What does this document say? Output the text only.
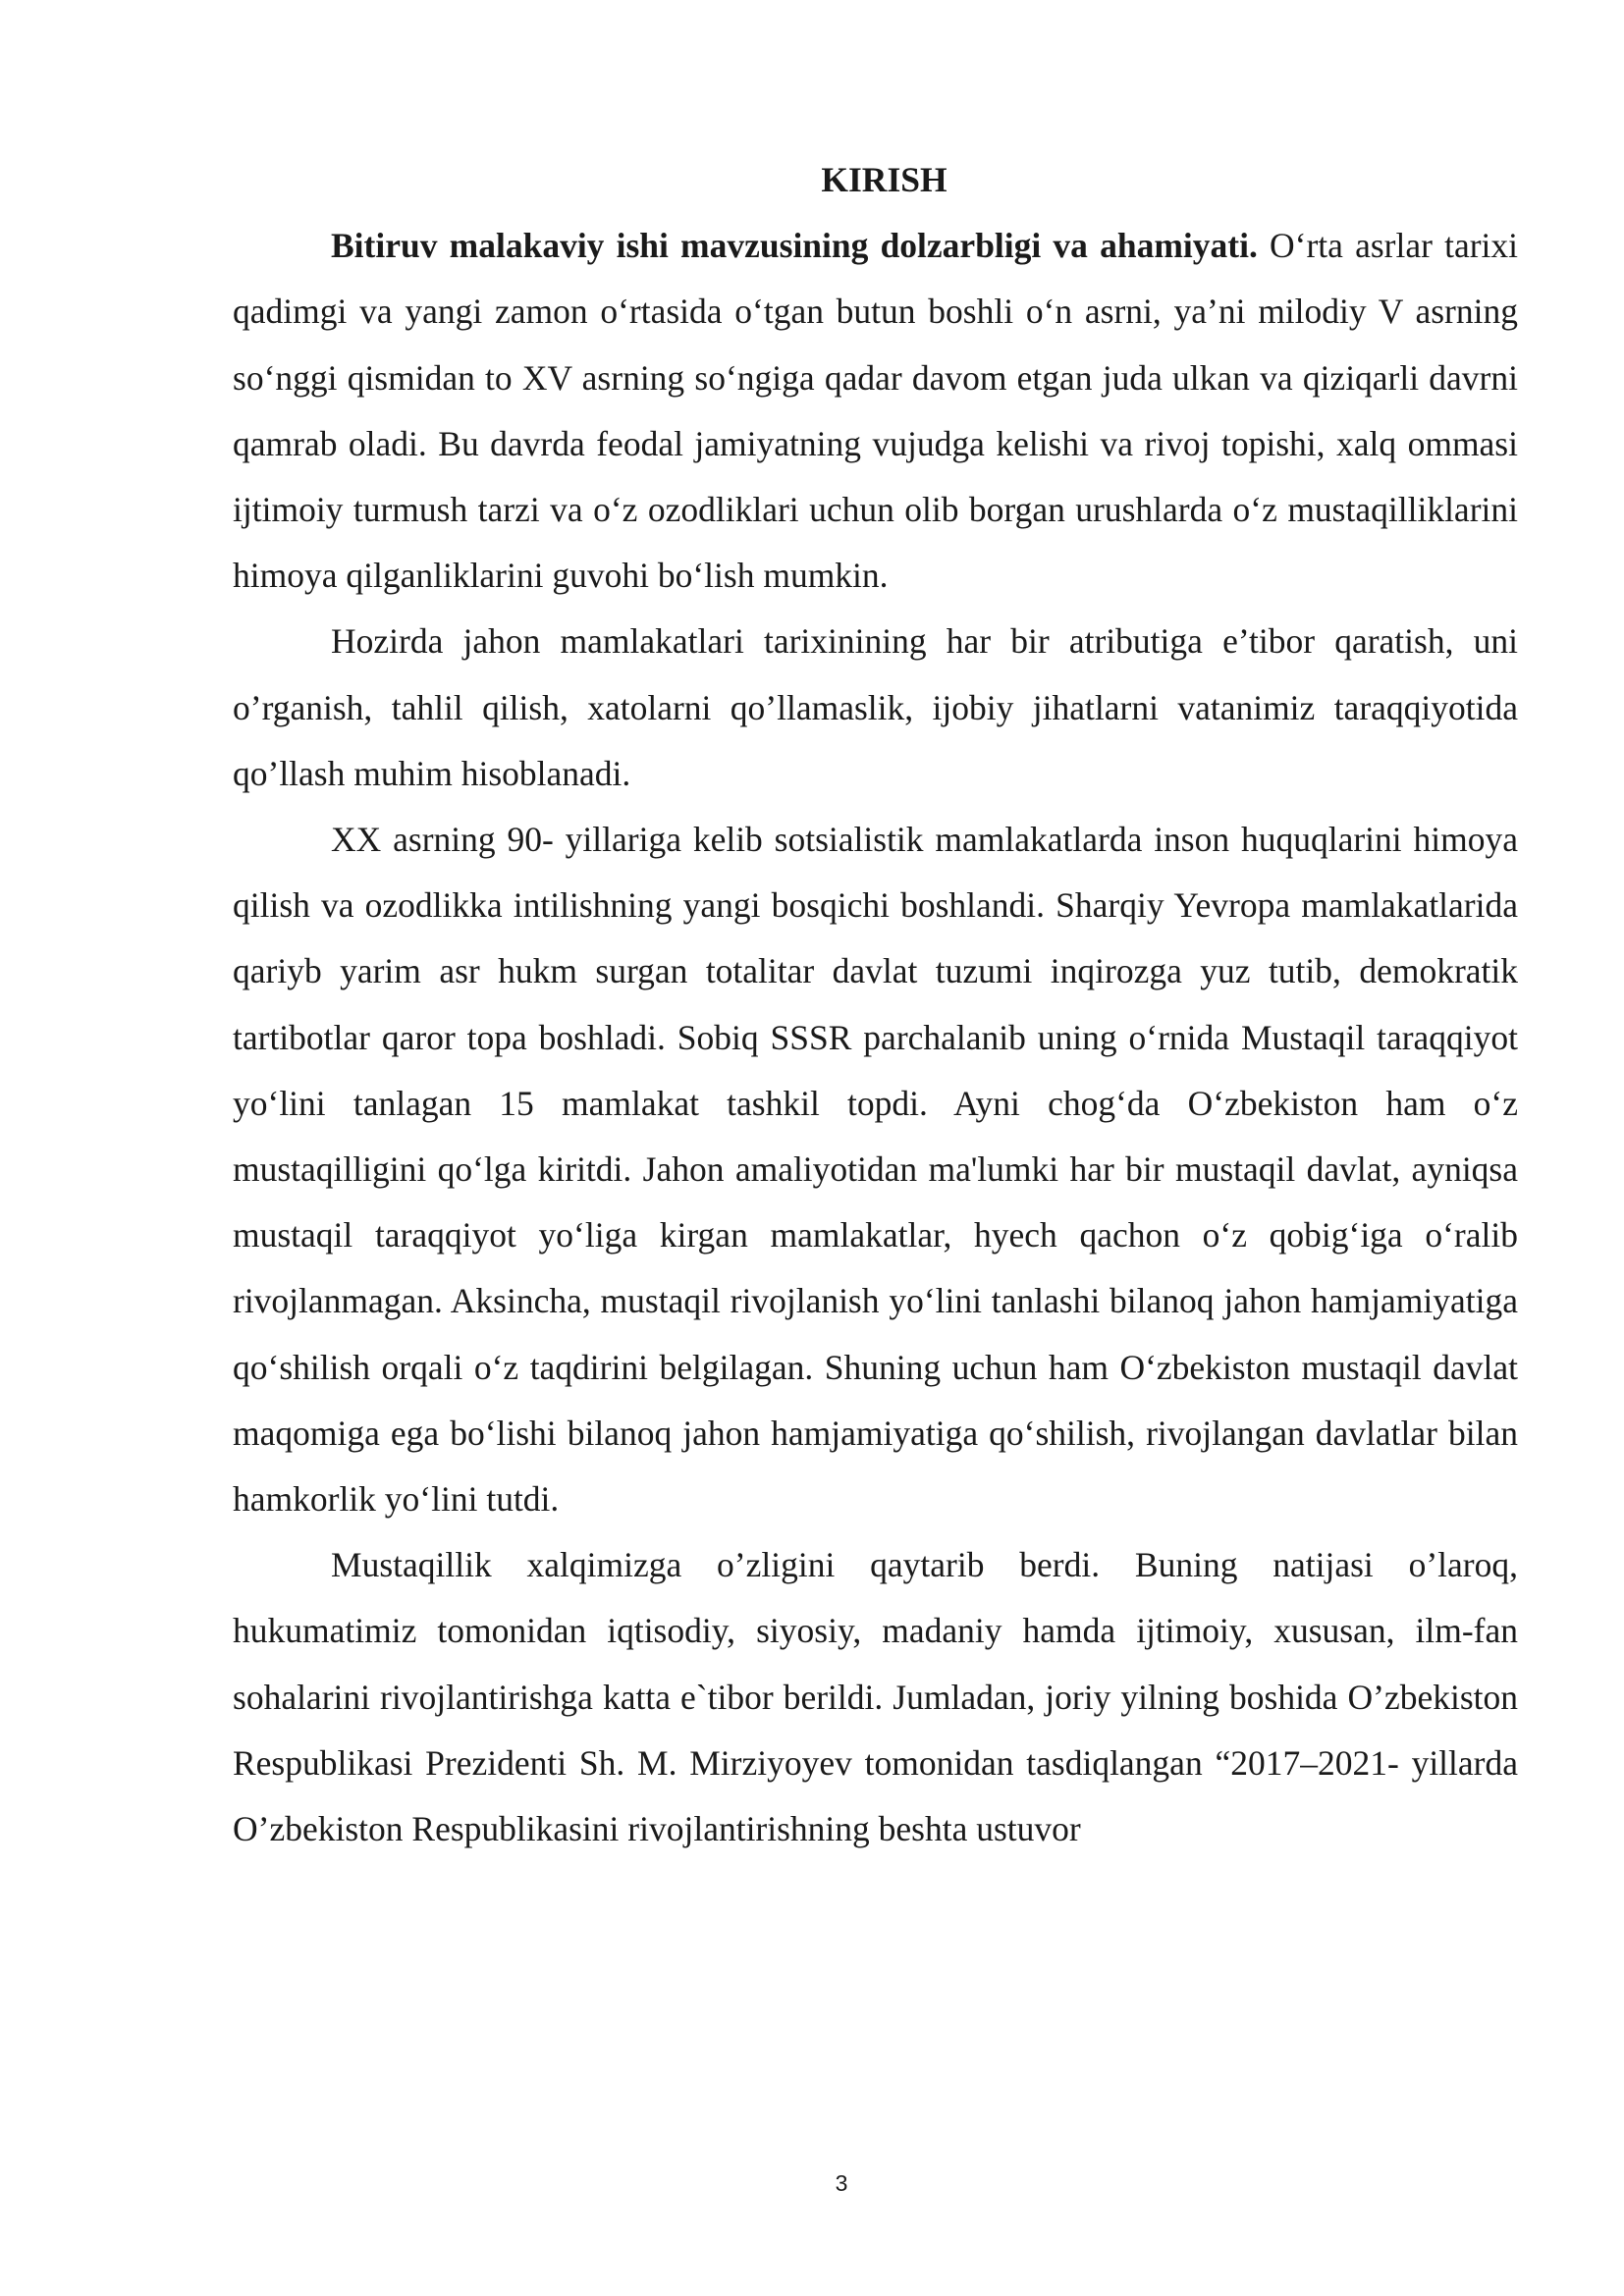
KIRISH

Bitiruv malakaviy ishi mavzusining dolzarbligi va ahamiyati. O‘rta asrlar tarixi qadimgi va yangi zamon o‘rtasida o‘tgan butun boshli o‘n asrni, ya’ni milodiy V asrning so‘nggi qismidan to XV asrning so‘ngiga qadar davom etgan juda ulkan va qiziqarli davrni qamrab oladi. Bu davrda feodal jamiyatning vujudga kelishi va rivoj topishi, xalq ommasi ijtimoiy turmush tarzi va o‘z ozodliklari uchun olib borgan urushlarda o‘z mustaqilliklarini himoya qilganliklarini guvohi bo‘lish mumkin.

Hozirda jahon mamlakatlari tarixinining har bir atributiga e’tibor qaratish, uni o’rganish, tahlil qilish, xatolarni qo’llamaslik, ijobiy jihatlarni vatanimiz taraqqiyotida qo’llash muhim hisoblanadi.

XX asrning 90- yillariga kelib sotsialistik mamlakatlarda inson huquqlarini himoya qilish va ozodlikka intilishning yangi bosqichi boshlandi. Sharqiy Yevropa mamlakatlarida qariyb yarim asr hukm surgan totalitar davlat tuzumi inqirozga yuz tutib, demokratik tartibotlar qaror topa boshladi. Sobiq SSSR parchalanib uning o‘rnida Mustaqil taraqqiyot yo‘lini tanlagan 15 mamlakat tashkil topdi. Ayni chog‘da O‘zbekiston ham o‘z mustaqilligini qo‘lga kiritdi. Jahon amaliyotidan ma'lumki har bir mustaqil davlat, ayniqsa mustaqil taraqqiyot yo‘liga kirgan mamlakatlar, hyech qachon o‘z qobig‘iga o‘ralib rivojlanmagan. Aksincha, mustaqil rivojlanish yo‘lini tanlashi bilanoq jahon hamjamiyatiga qo‘shilish orqali o‘z taqdirini belgilagan. Shuning uchun ham O‘zbekiston mustaqil davlat maqomiga ega bo‘lishi bilanoq jahon hamjamiyatiga qo‘shilish, rivojlangan davlatlar bilan hamkorlik yo‘lini tutdi.

Mustaqillik xalqimizga o’zligini qaytarib berdi. Buning natijasi o’laroq, hukumatimiz tomonidan iqtisodiy, siyosiy, madaniy hamda ijtimoiy, xususan, ilm-fan sohalarini rivojlantirishga katta e`tibor berildi. Jumladan, joriy yilning boshida O’zbekiston Respublikasi Prezidenti Sh. M. Mirziyoyev tomonidan tasdiqlangan “2017–2021- yillarda O’zbekiston Respublikasini rivojlantirishning beshta ustuvor

3
